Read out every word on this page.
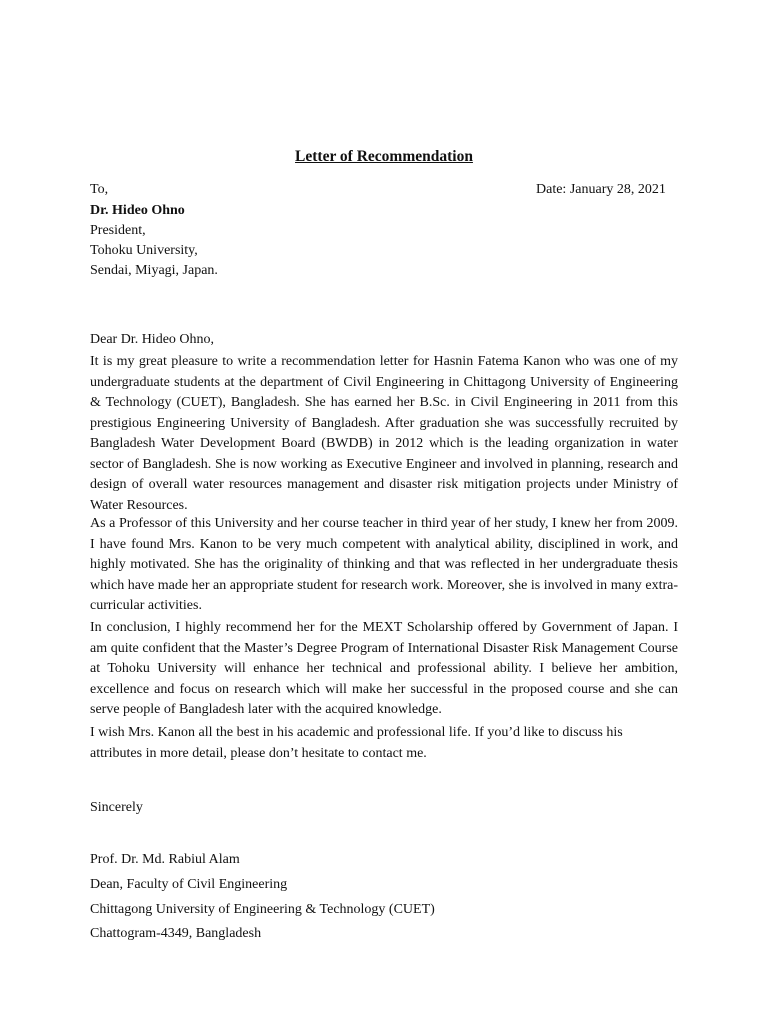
Letter of Recommendation
To,	Date: January 28, 2021
Dr. Hideo Ohno
President,
Tohoku University,
Sendai, Miyagi, Japan.
Dear Dr. Hideo Ohno,

It is my great pleasure to write a recommendation letter for Hasnin Fatema Kanon who was one of my undergraduate students at the department of Civil Engineering in Chittagong University of Engineering & Technology (CUET), Bangladesh. She has earned her B.Sc. in Civil Engineering in 2011 from this prestigious Engineering University of Bangladesh. After graduation she was successfully recruited by Bangladesh Water Development Board (BWDB) in 2012 which is the leading organization in water sector of Bangladesh. She is now working as Executive Engineer and involved in planning, research and design of overall water resources management and disaster risk mitigation projects under Ministry of Water Resources.

As a Professor of this University and her course teacher in third year of her study, I knew her from 2009. I have found Mrs. Kanon to be very much competent with analytical ability, disciplined in work, and highly motivated. She has the originality of thinking and that was reflected in her undergraduate thesis which have made her an appropriate student for research work. Moreover, she is involved in many extra-curricular activities.

In conclusion, I highly recommend her for the MEXT Scholarship offered by Government of Japan. I am quite confident that the Master’s Degree Program of International Disaster Risk Management Course at Tohoku University will enhance her technical and professional ability. I believe her ambition, excellence and focus on research which will make her successful in the proposed course and she can serve people of Bangladesh later with the acquired knowledge.

I wish Mrs. Kanon all the best in his academic and professional life. If you’d like to discuss his attributes in more detail, please don’t hesitate to contact me.

Sincerely
Prof. Dr. Md. Rabiul Alam
Dean, Faculty of Civil Engineering
Chittagong University of Engineering & Technology (CUET)
Chattogram-4349, Bangladesh
